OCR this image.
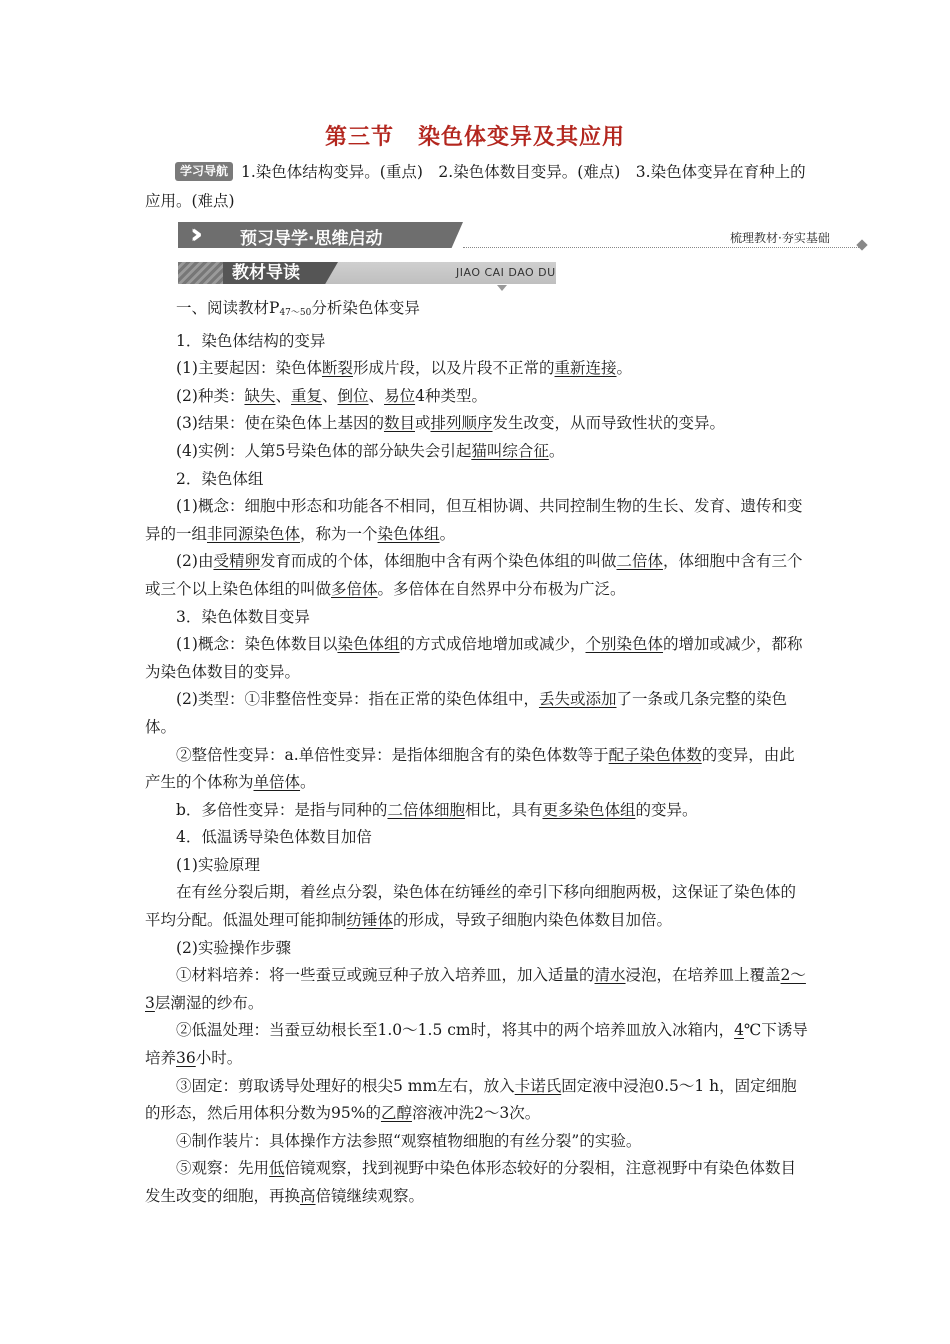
第三节 染色体变异及其应用
学习导航 1.染色体结构变异。(重点)　2.染色体数目变异。(难点)　3.染色体变异在育种上的应用。(难点)
››	预习导学·思维启动	梳理教材·夯实基础
教材导读	JIAO CAI DAO DU

一、阅读教材$P_{47\sim 50}$分析染色体变异

1．染色体结构的变异

(1)主要起因：染色体断裂形成片段，以及片段不正常的重新连接。

(2)种类：缺失、重复、倒位、易位4种类型。

(3)结果：使在染色体上基因的数目或排列顺序发生改变，从而导致性状的变异。

(4)实例：人第5号染色体的部分缺失会引起猫叫综合征。

2．染色体组

(1)概念：细胞中形态和功能各不相同，但互相协调、共同控制生物的生长、发育、遗传和变异的一组非同源染色体，称为一个染色体组。

(2)由受精卵发育而成的个体，体细胞中含有两个染色体组的叫做二倍体，体细胞中含有三个或三个以上染色体组的叫做多倍体。多倍体在自然界中分布极为广泛。

3．染色体数目变异

(1)概念：染色体数目以染色体组的方式成倍地增加或减少，个别染色体的增加或减少，都称为染色体数目的变异。

(2)类型：①非整倍性变异：指在正常的染色体组中，丢失或添加了一条或几条完整的染色体。

②整倍性变异：a.单倍性变异：是指体细胞含有的染色体数等于配子染色体数的变异，由此产生的个体称为单倍体。

b．多倍性变异：是指与同种的二倍体细胞相比，具有更多染色体组的变异。

4．低温诱导染色体数目加倍

(1)实验原理

在有丝分裂后期，着丝点分裂，染色体在纺锤丝的牵引下移向细胞两极，这保证了染色体的平均分配。低温处理可能抑制纺锤体的形成，导致子细胞内染色体数目加倍。

(2)实验操作步骤

①材料培养：将一些蚕豆或豌豆种子放入培养皿，加入适量的清水浸泡，在培养皿上覆盖2～3层潮湿的纱布。

②低温处理：当蚕豆幼根长至1.0～1.5 cm时，将其中的两个培养皿放入冰箱内，4℃下诱导培养36小时。

③固定：剪取诱导处理好的根尖5 mm左右，放入卡诺氏固定液中浸泡0.5～1 h，固定细胞的形态，然后用体积分数为95%的乙醇溶液冲洗2～3次。

④制作装片：具体操作方法参照“观察植物细胞的有丝分裂”的实验。

⑤观察：先用低倍镜观察，找到视野中染色体形态较好的分裂相，注意视野中有染色体数目发生改变的细胞，再换高倍镜继续观察。
